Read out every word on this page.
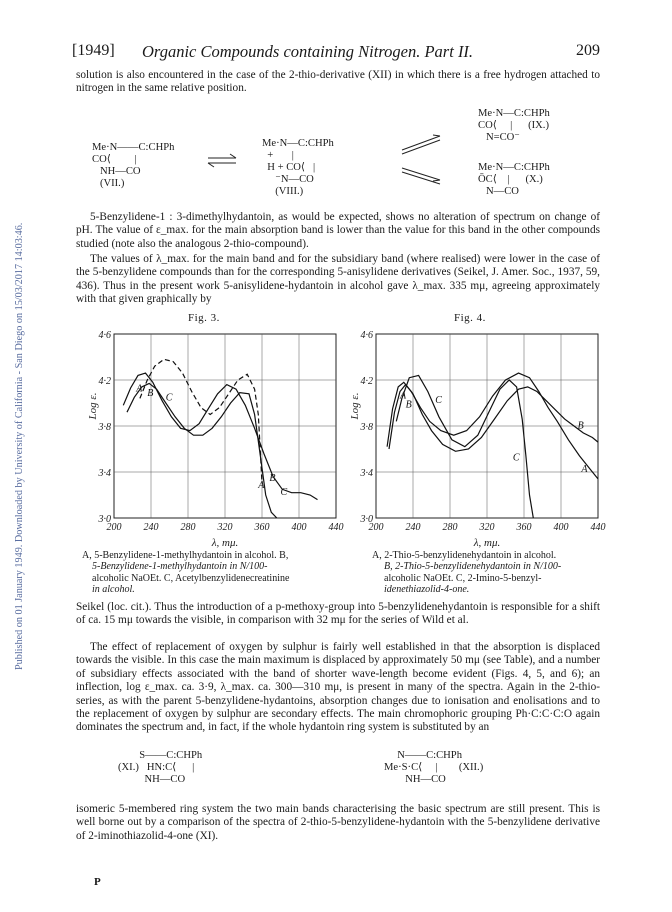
Published on 01 January 1949. Downloaded by University of California - San Diego on 15/03/2017 14:03:46.
[1949] Organic Compounds containing Nitrogen. Part II.	209

solution is also encountered in the case of the 2-thio-derivative (XII) in which there is a free hydrogen attached to nitrogen in the same relative position.

Me·N——C:CHPh
CO⟨         |
NH—CO
(VII.)
Me·N—C:CHPh
+       |
H + CO⟨   |
⁻N—CO
(VIII.)
Me·N—C:CHPh
CO⟨     |      (IX.)
N=CO⁻
Me·N—C:CHPh
ŌC⟨    |      (X.)
N—CO

5-Benzylidene-1 : 3-dimethylhydantoin, as would be expected, shows no alteration of spectrum on change of pH. The value of ε_max. for the main absorption band is lower than the value for this band in the other compounds studied (note also the analogous 2-thio-compound).

The values of λ_max. for the main band and for the subsidiary band (where realised) were lower in the case of the 5-benzylidene compounds than for the corresponding 5-anisylidene derivatives (Seikel, J. Amer. Soc., 1937, 59, 436). Thus in the present work 5-anisylidene-hydantoin in alcohol gave λ_max. 335 mμ, agreeing approximately with that given graphically by

Fig. 3.	Fig. 4.
200 240 280 320 360 400 440
3·0
3·4
3·8
4·2
4·6
λ, mμ.
Log ε.
A
A
B
B
C
C
200 240 280 320 360 400 440
3·0
3·4
3·8
4·2
4·6
λ, mμ.
Log ε.	A
A
B
B
C
C

A, 5-Benzylidene-1-methylhydantoin in alcohol. B,
5-Benzylidene-1-methylhydantoin in N/100-
alcoholic NaOEt. C, Acetylbenzylidenecreatinine
in alcohol.

A, 2-Thio-5-benzylidenehydantoin in alcohol.
B, 2-Thio-5-benzylidenehydantoin in N/100-
alcoholic NaOEt. C, 2-Imino-5-benzyl-
idenethiazolid-4-one.

Seikel (loc. cit.). Thus the introduction of a p-methoxy-group into 5-benzylidenehydantoin is responsible for a shift of ca. 15 mμ towards the visible, in comparison with 32 mμ for the series of Wild et al.

The effect of replacement of oxygen by sulphur is fairly well established in that the absorption is displaced towards the visible. In this case the main maximum is displaced by approximately 50 mμ (see Table), and a number of subsidiary effects associated with the band of shorter wave-length become evident (Figs. 4, 5, and 6); an inflection, log ε_max. ca. 3·9, λ_max. ca. 300—310 mμ, is present in many of the spectra. Again in the 2-thio-series, as with the parent 5-benzylidene-hydantoins, absorption changes due to ionisation and enolisations and to the replacement of oxygen by sulphur are secondary effects. The main chromophoric grouping Ph·C:C·C:O again dominates the spectrum and, in fact, if the whole hydantoin ring system is substituted by an

S——C:CHPh
(XI.)   HN:C⟨      |
NH—CO
N——C:CHPh
Me·S·C⟨     |        (XII.)
NH—CO

isomeric 5-membered ring system the two main bands characterising the basic spectrum are still present. This is well borne out by a comparison of the spectra of 2-thio-5-benzylidene-hydantoin with the 5-benzylidene derivative of 2-iminothiazolid-4-one (XI).

P
